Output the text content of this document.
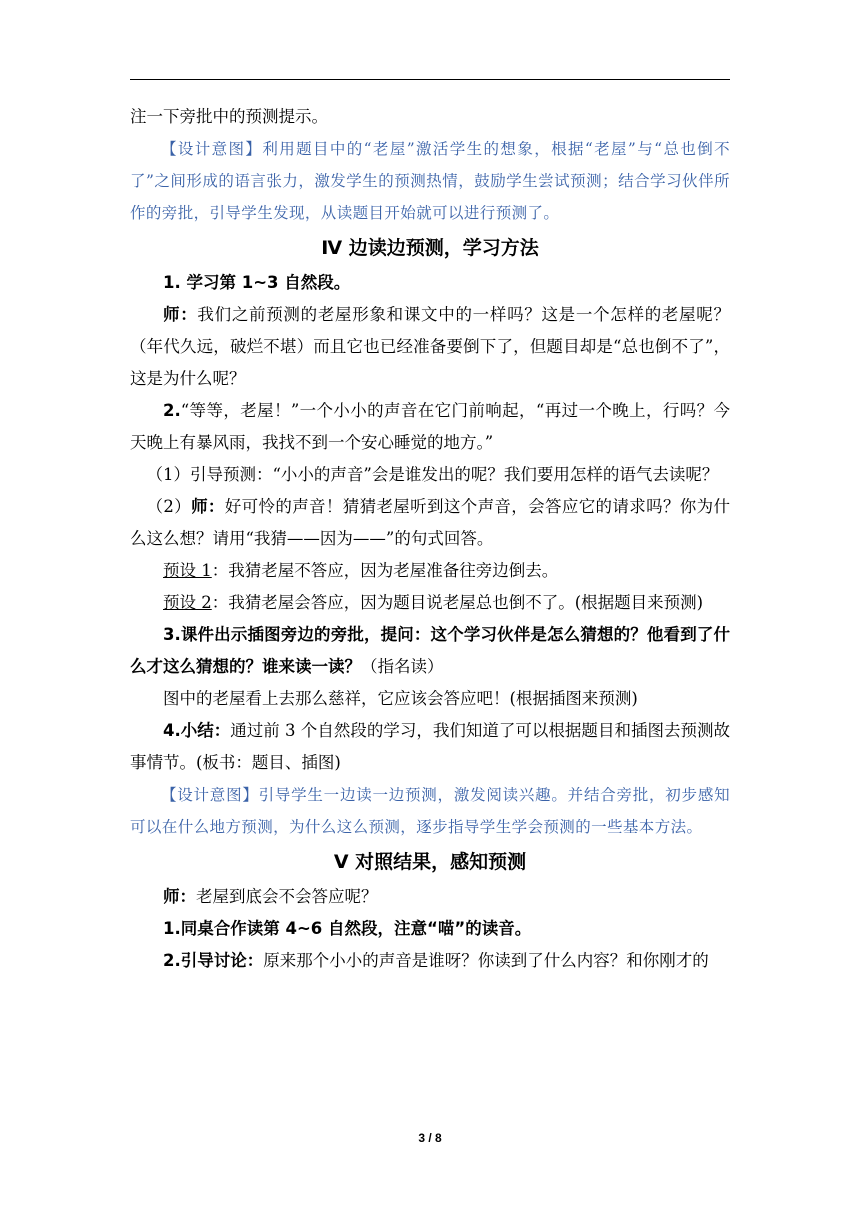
注一下旁批中的预测提示。

【设计意图】利用题目中的“老屋”激活学生的想象，根据“老屋”与“总也倒不了”之间形成的语言张力，激发学生的预测热情，鼓励学生尝试预测；结合学习伙伴所作的旁批，引导学生发现，从读题目开始就可以进行预测了。

Ⅳ 边读边预测，学习方法

1. 学习第 1~3 自然段。

师：我们之前预测的老屋形象和课文中的一样吗？这是一个怎样的老屋呢？（年代久远，破烂不堪）而且它也已经准备要倒下了，但题目却是“总也倒不了”，这是为什么呢？

2.“等等，老屋！”一个小小的声音在它门前响起，“再过一个晚上，行吗？今天晚上有暴风雨，我找不到一个安心睡觉的地方。”

（1）引导预测：“小小的声音”会是谁发出的呢？我们要用怎样的语气去读呢？

（2）师：好可怜的声音！猜猜老屋听到这个声音，会答应它的请求吗？你为什么这么想？请用“我猜——因为——”的句式回答。

预设 1：我猜老屋不答应，因为老屋准备往旁边倒去。

预设 2：我猜老屋会答应，因为题目说老屋总也倒不了。(根据题目来预测)

3.课件出示插图旁边的旁批，提问：这个学习伙伴是怎么猜想的？他看到了什么才这么猜想的？谁来读一读？（指名读）

图中的老屋看上去那么慈祥，它应该会答应吧！(根据插图来预测)

4.小结：通过前 3 个自然段的学习，我们知道了可以根据题目和插图去预测故事情节。(板书：题目、插图)

【设计意图】引导学生一边读一边预测，激发阅读兴趣。并结合旁批，初步感知可以在什么地方预测，为什么这么预测，逐步指导学生学会预测的一些基本方法。

Ⅴ 对照结果，感知预测

师：老屋到底会不会答应呢？

1.同桌合作读第 4~6 自然段，注意“喵”的读音。

2.引导讨论：原来那个小小的声音是谁呀？你读到了什么内容？和你刚才的

3 / 8
